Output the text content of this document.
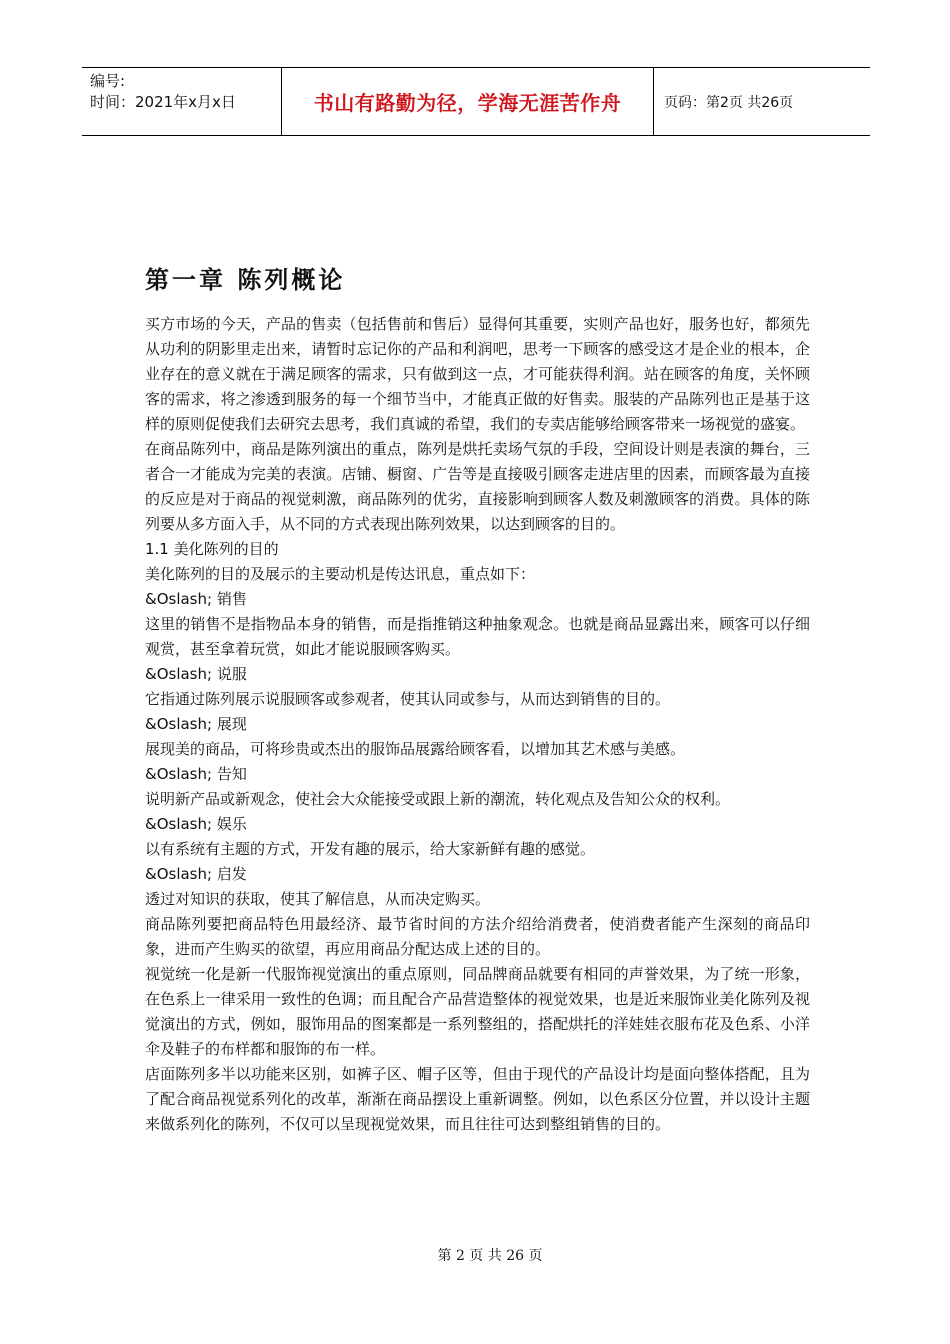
编号:
时间：2021年x月x日	书山有路勤为径，学海无涯苦作舟	页码：第2页 共26页
第一章 陈列概论

买方市场的今天，产品的售卖（包括售前和售后）显得何其重要，实则产品也好，服务也好，都须先从功利的阴影里走出来，请暂时忘记你的产品和利润吧，思考一下顾客的感受这才是企业的根本，企业存在的意义就在于满足顾客的需求，只有做到这一点，才可能获得利润。站在顾客的角度，关怀顾客的需求，将之渗透到服务的每一个细节当中，才能真正做的好售卖。服装的产品陈列也正是基于这样的原则促使我们去研究去思考，我们真诚的希望，我们的专卖店能够给顾客带来一场视觉的盛宴。

在商品陈列中，商品是陈列演出的重点，陈列是烘托卖场气氛的手段，空间设计则是表演的舞台，三者合一才能成为完美的表演。店铺、橱窗、广告等是直接吸引顾客走进店里的因素，而顾客最为直接的反应是对于商品的视觉刺激，商品陈列的优劣，直接影响到顾客人数及刺激顾客的消费。具体的陈列要从多方面入手，从不同的方式表现出陈列效果，以达到顾客的目的。

1.1 美化陈列的目的

美化陈列的目的及展示的主要动机是传达讯息，重点如下：

&Oslash; 销售

这里的销售不是指物品本身的销售，而是指推销这种抽象观念。也就是商品显露出来，顾客可以仔细观赏，甚至拿着玩赏，如此才能说服顾客购买。

&Oslash; 说服

它指通过陈列展示说服顾客或参观者，使其认同或参与，从而达到销售的目的。

&Oslash; 展现

展现美的商品，可将珍贵或杰出的服饰品展露给顾客看，以增加其艺术感与美感。

&Oslash; 告知

说明新产品或新观念，使社会大众能接受或跟上新的潮流，转化观点及告知公众的权利。

&Oslash; 娱乐

以有系统有主题的方式，开发有趣的展示，给大家新鲜有趣的感觉。

&Oslash; 启发

透过对知识的获取，使其了解信息，从而决定购买。

商品陈列要把商品特色用最经济、最节省时间的方法介绍给消费者，使消费者能产生深刻的商品印象，进而产生购买的欲望，再应用商品分配达成上述的目的。

视觉统一化是新一代服饰视觉演出的重点原则，同品牌商品就要有相同的声誉效果，为了统一形象，在色系上一律采用一致性的色调；而且配合产品营造整体的视觉效果，也是近来服饰业美化陈列及视觉演出的方式，例如，服饰用品的图案都是一系列整组的，搭配烘托的洋娃娃衣服布花及色系、小洋伞及鞋子的布样都和服饰的布一样。

店面陈列多半以功能来区别，如裤子区、帽子区等，但由于现代的产品设计均是面向整体搭配，且为了配合商品视觉系列化的改革，渐渐在商品摆设上重新调整。例如，以色系区分位置，并以设计主题来做系列化的陈列，不仅可以呈现视觉效果，而且往往可达到整组销售的目的。

第 2 页 共 26 页
